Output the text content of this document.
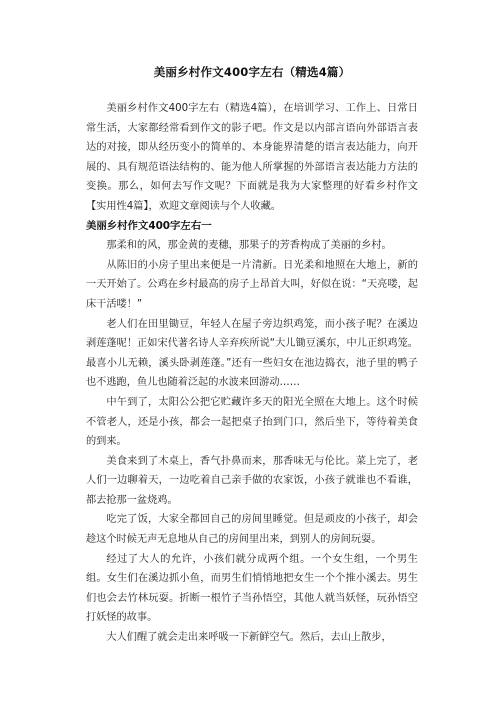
美丽乡村作文400字左右（精选4篇）

美丽乡村作文400字左右（精选4篇），在培训学习、工作上、日常日常生活，大家都经常看到作文的影子吧。作文是以内部言语向外部语言表达的对接，即从经历变小的简单的、本身能界清楚的语言表达能力，向开展的、具有规范语法结构的、能为他人所掌握的外部语言表达能力方法的变换。那么，如何去写作文呢？下面就是我为大家整理的好看乡村作文【实用性4篇】，欢迎文章阅读与个人收藏。

美丽乡村作文400字左右一

那柔和的风，那金黄的麦穗，那果子的芳香构成了美丽的乡村。

从陈旧的小房子里出来便是一片清新。日光柔和地照在大地上，新的一天开始了。公鸡在乡村最高的房子上昂首大叫，好似在说：“天亮喽，起床干活喽！”

老人们在田里锄豆，年轻人在屋子旁边织鸡笼，而小孩子呢？在溪边剥莲蓬呢！正如宋代著名诗人辛弃疾所说“大儿锄豆溪东，中儿正织鸡笼。最喜小儿无赖，溪头卧剥莲蓬。”还有一些妇女在池边捣衣，池子里的鸭子也不逃跑，鱼儿也随着泛起的水波来回游动……

中午到了，太阳公公把它贮藏许多天的阳光全照在大地上。这个时候不管老人，还是小孩，都会一起把桌子抬到门口，然后坐下，等待着美食的到来。

美食来到了木桌上，香气扑鼻而来，那香味无与伦比。菜上完了，老人们一边聊着天，一边吃着自己亲手做的农家饭，小孩子就谁也不看谁，都去抢那一盆烧鸡。

吃完了饭，大家全都回自己的房间里睡觉。但是顽皮的小孩子，却会趁这个时候无声无息地从自己的房间里出来，到别人的房间玩耍。

经过了大人的允许，小孩们就分成两个组。一个女生组，一个男生组。女生们在溪边抓小鱼，而男生们悄悄地把女生一个个推小溪去。男生们也会去竹林玩耍。折断一根竹子当孙悟空，其他人就当妖怪，玩孙悟空打妖怪的故事。

大人们醒了就会走出来呼吸一下新鲜空气。然后，去山上散步，
